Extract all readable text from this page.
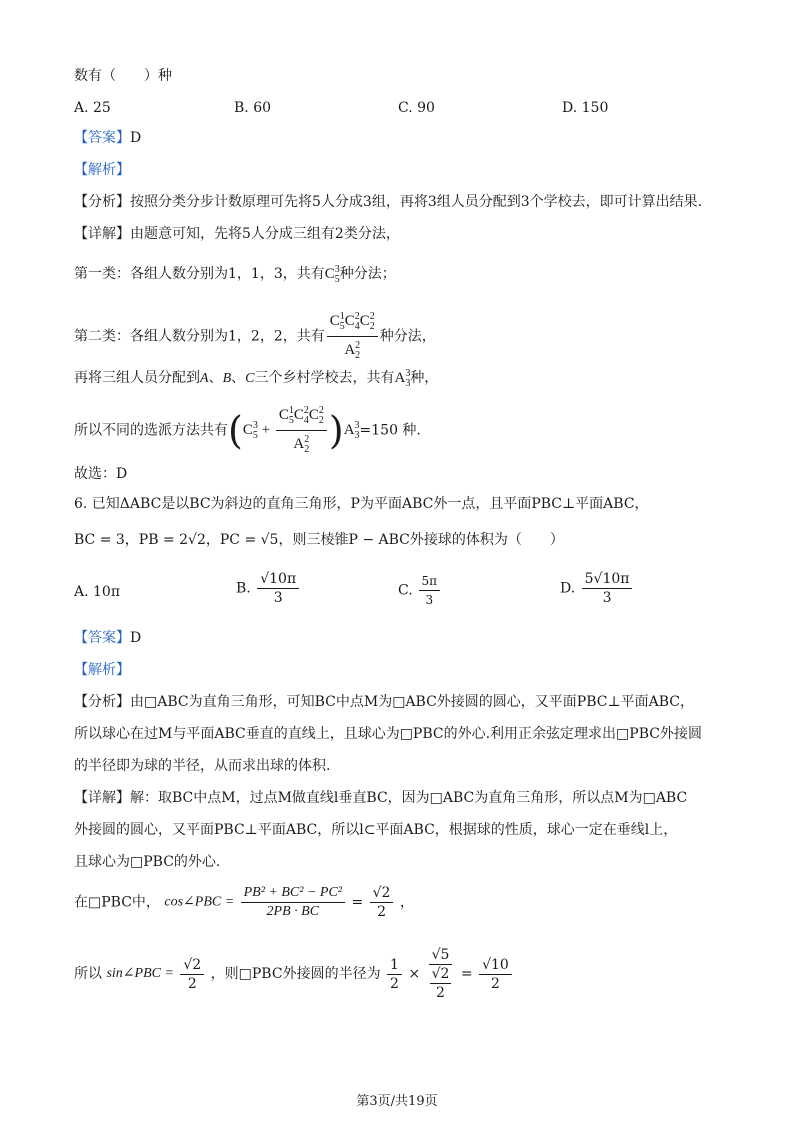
数有（　　）种
A. 25	B. 60	C. 90	D. 150
【答案】D
【解析】
【分析】按照分类分步计数原理可先将5人分成3组，再将3组人员分配到3个学校去，即可计算出结果.
【详解】由题意可知，先将5人分成三组有2类分法，
第一类：各组人数分别为1，1，3，共有$C_5^3$种分法；
第二类：各组人数分别为1，2，2，共有 $\frac{C_5^1C_4^2C_2^2}{A_2^2}$ 种分法，
再将三组人员分配到A、B、C三个乡村学校去，共有$A_3^3$种，
所以不同的选派方法共有$(C_5^3 + \frac{C_5^1C_4^2C_2^2}{A_2^2} )A_3^3=150$ 种.
故选：D
6. 已知ΔABC是以BC为斜边的直角三角形，P为平面ABC外一点，且平面PBC⊥平面ABC，
BC = 3，PB = 2√2，PC = √5，则三棱锥P − ABC外接球的体积为（　　）
A. 10π	B. $\frac{√10\pi}{3}$	C. $\frac{5\pi}{3}$	D. $\frac{5√10\pi}{3}$
【答案】D
【解析】
【分析】由□ABC为直角三角形，可知BC中点M为□ABC外接圆的圆心，又平面PBC⊥平面ABC，
所以球心在过M与平面ABC垂直的直线上，且球心为□PBC的外心.利用正余弦定理求出□PBC外接圆
的半径即为球的半径，从而求出球的体积.
【详解】解：取BC中点M，过点M做直线l垂直BC，因为□ABC为直角三角形，所以点M为□ABC
外接圆的圆心，又平面PBC⊥平面ABC，所以l⊂平面ABC，根据球的性质，球心一定在垂线l上，
且球心为□PBC的外心.
在□PBC中， cos∠PBC = $\frac{\text{PB² + BC² − PC²}}{2PB \cdot BC} = \frac{√2}{2}$ ，
所以 sin∠PBC = $\frac{√2}{2}$ ，则□PBC外接圆的半径为 $\frac{1}{2} \times √5$
√2
$2 = \frac{√10}{2}$
第3页/共19页
